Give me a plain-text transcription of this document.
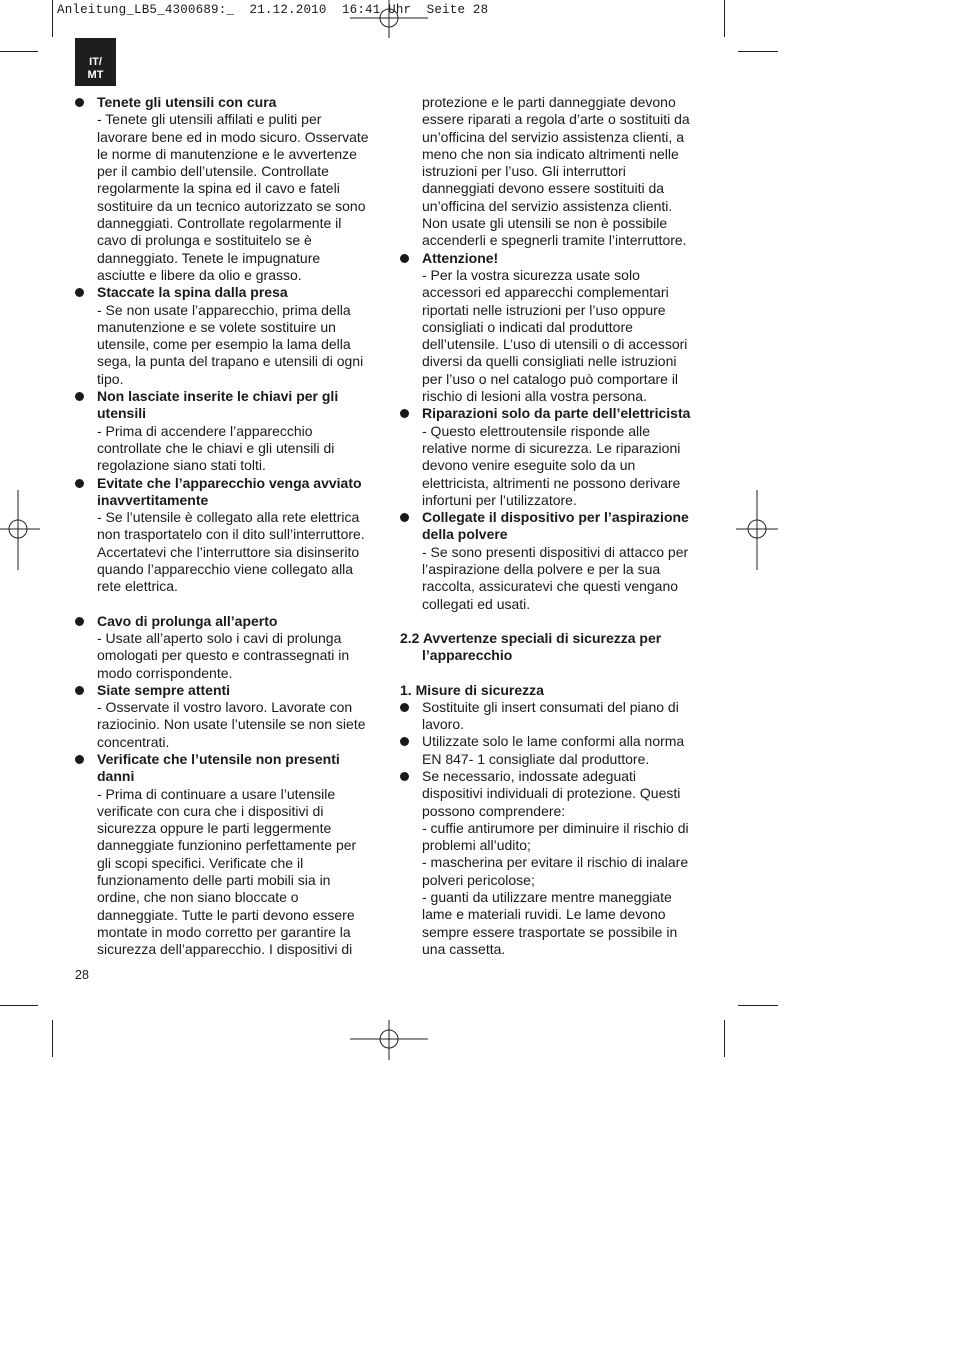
Anleitung_LB5_4300689:_  21.12.2010  16:41 Uhr  Seite 28
IT/
MT
Tenete gli utensili con cura
- Tenete gli utensili affilati e puliti per
lavorare bene ed in modo sicuro. Osservate
le norme di manutenzione e le avvertenze
per il cambio dell’utensile. Controllate
regolarmente la spina ed il cavo e fateli
sostituire da un tecnico autorizzato se sono
danneggiati. Controllate regolarmente il
cavo di prolunga e sostituitelo se è
danneggiato. Tenete le impugnature
asciutte e libere da olio e grasso.
Staccate la spina dalla presa
- Se non usate l’apparecchio, prima della
manutenzione e se volete sostituire un
utensile, come per esempio la lama della
sega, la punta del trapano e utensili di ogni
tipo.
Non lasciate inserite le chiavi per gli utensili
- Prima di accendere l’apparecchio
controllate che le chiavi e gli utensili di
regolazione siano stati tolti.
Evitate che l’apparecchio venga avviato inavvertitamente
- Se l’utensile è collegato alla rete elettrica
non trasportatelo con il dito sull’interruttore.
Accertatevi che l’interruttore sia disinserito
quando l’apparecchio viene collegato alla
rete elettrica.
Cavo di prolunga all’aperto
- Usate all’aperto solo i cavi di prolunga
omologati per questo e contrassegnati in
modo corrispondente.
Siate sempre attenti
- Osservate il vostro lavoro. Lavorate con
raziocinio. Non usate l’utensile se non siete
concentrati.
Verificate che l’utensile non presenti danni
- Prima di continuare a usare l’utensile
verificate con cura che i dispositivi di
sicurezza oppure le parti leggermente
danneggiate funzionino perfettamente per
gli scopi specifici. Verificate che il
funzionamento delle parti mobili sia in
ordine, che non siano bloccate o
danneggiate. Tutte le parti devono essere
montate in modo corretto per garantire la
sicurezza dell’apparecchio. I dispositivi di
protezione e le parti danneggiate devono
essere riparati a regola d’arte o sostituiti da
un’officina del servizio assistenza clienti, a
meno che non sia indicato altrimenti nelle
istruzioni per l’uso. Gli interruttori
danneggiati devono essere sostituiti da
un’officina del servizio assistenza clienti.
Non usate gli utensili se non è possibile
accenderli e spegnerli tramite l’interruttore.
Attenzione!
- Per la vostra sicurezza usate solo
accessori ed apparecchi complementari
riportati nelle istruzioni per l’uso oppure
consigliati o indicati dal produttore
dell’utensile. L’uso di utensili o di accessori
diversi da quelli consigliati nelle istruzioni
per l’uso o nel catalogo può comportare il
rischio di lesioni alla vostra persona.
Riparazioni solo da parte dell’elettricista
- Questo elettroutensile risponde alle
relative norme di sicurezza. Le riparazioni
devono venire eseguite solo da un
elettricista, altrimenti ne possono derivare
infortuni per l’utilizzatore.
Collegate il dispositivo per l’aspirazione della polvere
- Se sono presenti dispositivi di attacco per
l’aspirazione della polvere e per la sua
raccolta, assicuratevi che questi vengano
collegati ed usati.
2.2 Avvertenze speciali di sicurezza per
l’apparecchio
1. Misure di sicurezza
Sostituite gli insert consumati del piano di
lavoro.
Utilizzate solo le lame conformi alla norma
EN 847- 1 consigliate dal produttore.
Se necessario, indossate adeguati
dispositivi individuali di protezione. Questi
possono comprendere:
- cuffie antirumore per diminuire il rischio di
problemi all’udito;
- mascherina per evitare il rischio di inalare
polveri pericolose;
- guanti da utilizzare mentre maneggiate
lame e materiali ruvidi. Le lame devono
sempre essere trasportate se possibile in
una cassetta.
28
